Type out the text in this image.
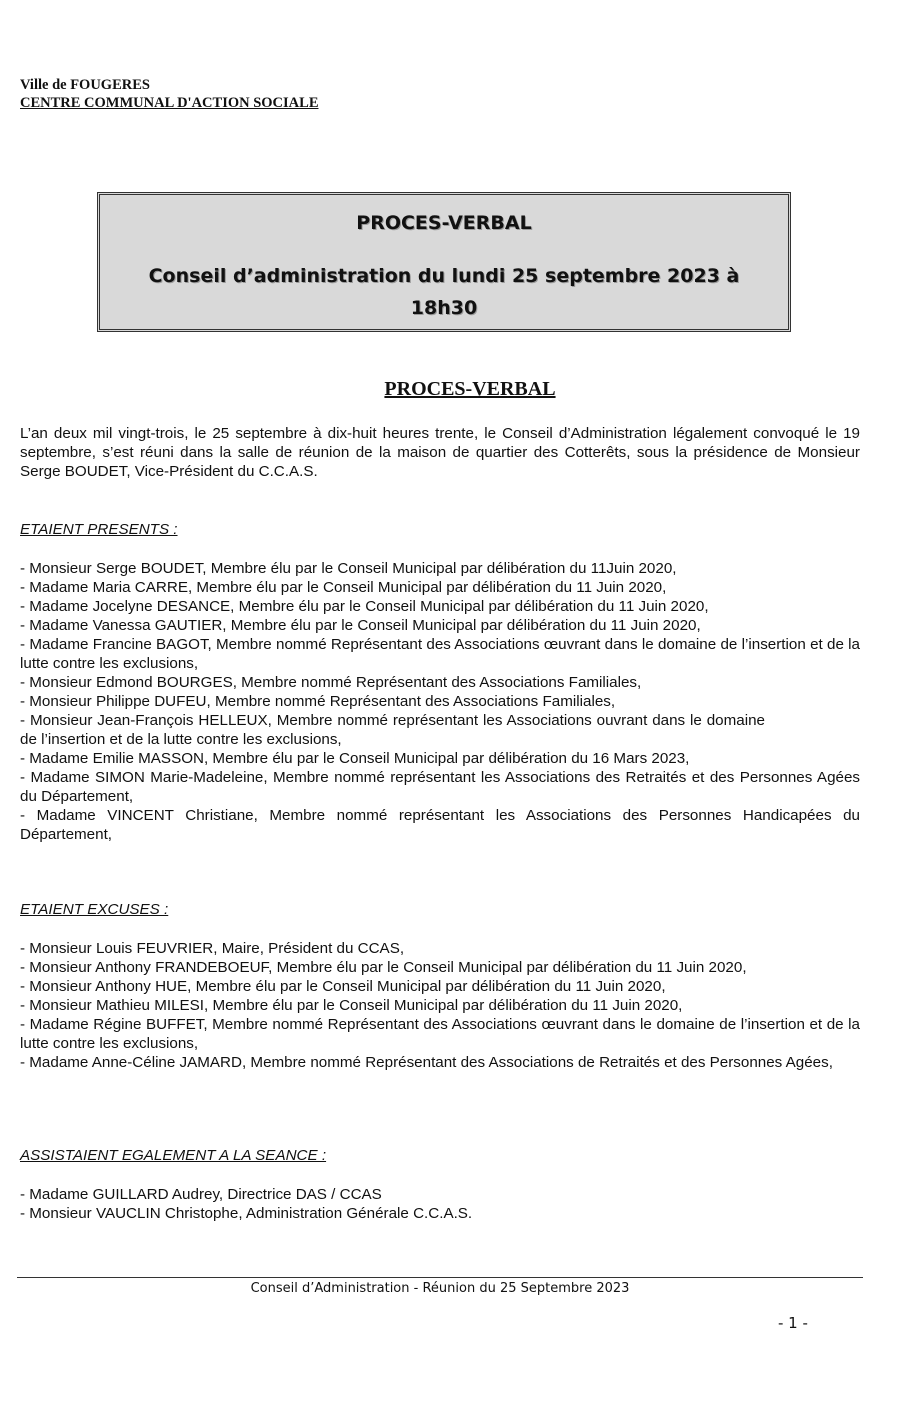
Ville de FOUGERES
CENTRE COMMUNAL D'ACTION SOCIALE
PROCES-VERBAL
Conseil d’administration du lundi 25 septembre 2023 à 18h30
PROCES-VERBAL
L’an deux mil vingt-trois, le 25 septembre à dix-huit heures trente, le Conseil d’Administration légalement convoqué le 19 septembre, s’est réuni dans la salle de réunion de la maison de quartier des Cotterêts, sous la présidence de Monsieur Serge BOUDET, Vice-Président du C.C.A.S.
ETAIENT PRESENTS :
- Monsieur Serge BOUDET, Membre élu par le Conseil Municipal par délibération du 11Juin 2020,
- Madame Maria CARRE, Membre élu par le Conseil Municipal par délibération du 11 Juin 2020,
- Madame Jocelyne DESANCE, Membre élu par le Conseil Municipal par délibération du 11 Juin 2020,
- Madame Vanessa GAUTIER, Membre élu par le Conseil Municipal par délibération du 11 Juin 2020,
- Madame Francine BAGOT, Membre nommé Représentant des Associations œuvrant dans le domaine de l’insertion et de la lutte contre les exclusions,
- Monsieur Edmond BOURGES, Membre nommé Représentant des Associations Familiales,
- Monsieur Philippe DUFEU, Membre nommé Représentant des Associations Familiales,
- Monsieur Jean-François HELLEUX, Membre nommé représentant les Associations ouvrant dans le domaine de l’insertion et de la lutte contre les exclusions,
- Madame Emilie MASSON, Membre élu par le Conseil Municipal par délibération du 16 Mars 2023,
- Madame SIMON Marie-Madeleine, Membre nommé représentant les Associations des Retraités et des Personnes Agées du Département,
- Madame VINCENT Christiane, Membre nommé représentant les Associations des Personnes Handicapées du Département,
ETAIENT EXCUSES :
- Monsieur Louis FEUVRIER, Maire, Président du CCAS,
- Monsieur Anthony FRANDEBOEUF, Membre élu par le Conseil Municipal par délibération du 11 Juin 2020,
- Monsieur Anthony HUE, Membre élu par le Conseil Municipal par délibération du 11 Juin 2020,
- Monsieur Mathieu MILESI, Membre élu par le Conseil Municipal par délibération du 11 Juin 2020,
- Madame Régine BUFFET, Membre nommé Représentant des Associations œuvrant dans le domaine de l’insertion et de la lutte contre les exclusions,
- Madame Anne-Céline JAMARD, Membre nommé Représentant des Associations de Retraités et des Personnes Agées,
ASSISTAIENT EGALEMENT A LA SEANCE :
- Madame GUILLARD Audrey, Directrice DAS / CCAS
- Monsieur VAUCLIN Christophe, Administration Générale C.C.A.S.
Conseil d’Administration - Réunion du 25 Septembre 2023
- 1 -
